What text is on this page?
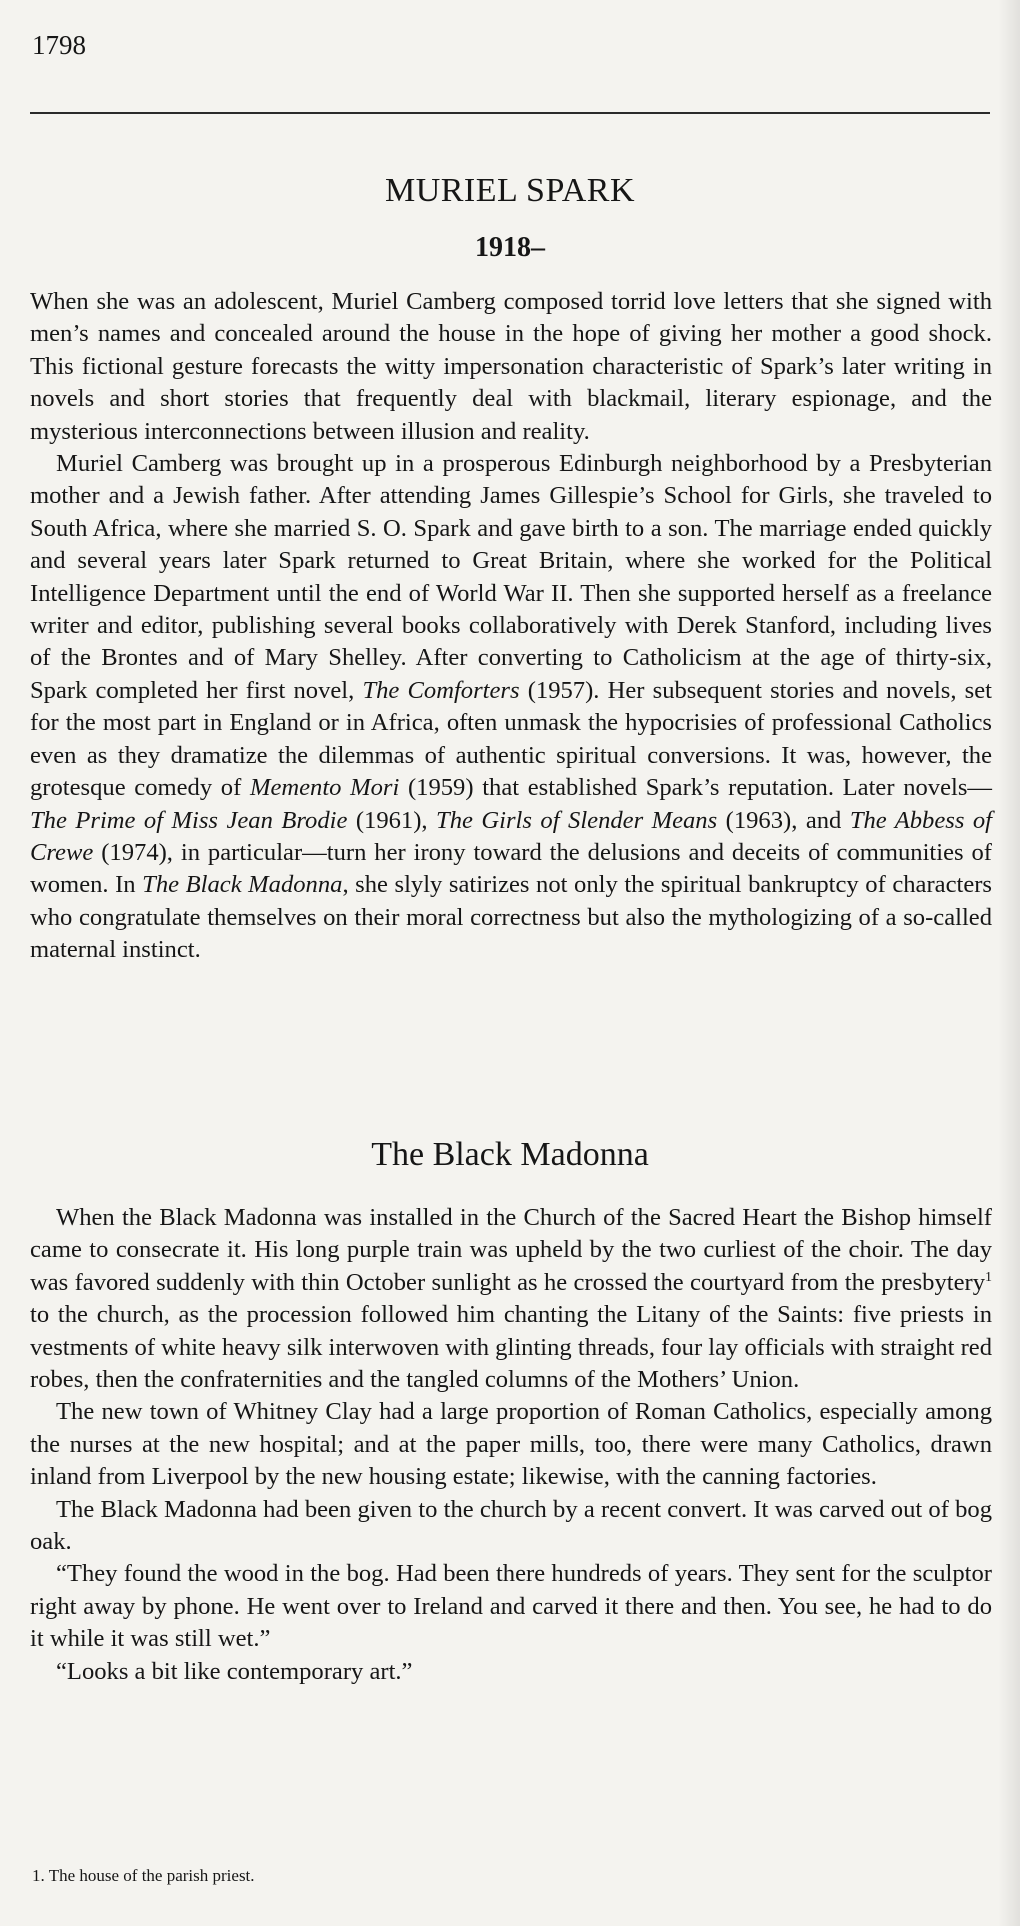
1798
MURIEL SPARK
1918–

When she was an adolescent, Muriel Camberg composed torrid love letters that she signed with men’s names and concealed around the house in the hope of giving her mother a good shock. This fictional gesture forecasts the witty impersonation characteristic of Spark’s later writing in novels and short stories that frequently deal with blackmail, literary espionage, and the mysterious interconnections between illusion and reality.

Muriel Camberg was brought up in a prosperous Edinburgh neighborhood by a Presbyterian mother and a Jewish father. After attending James Gillespie’s School for Girls, she traveled to South Africa, where she married S. O. Spark and gave birth to a son. The marriage ended quickly and several years later Spark returned to Great Britain, where she worked for the Political Intelligence Department until the end of World War II. Then she supported herself as a freelance writer and editor, publishing several books collaboratively with Derek Stanford, including lives of the Brontes and of Mary Shelley. After converting to Catholicism at the age of thirty-six, Spark completed her first novel, The Comforters (1957). Her subsequent stories and novels, set for the most part in England or in Africa, often unmask the hypocrisies of professional Catholics even as they dramatize the dilemmas of authentic spiritual conversions. It was, however, the grotesque comedy of Memento Mori (1959) that established Spark’s reputation. Later novels—The Prime of Miss Jean Brodie (1961), The Girls of Slender Means (1963), and The Abbess of Crewe (1974), in particular—turn her irony toward the delusions and deceits of communities of women. In The Black Madonna, she slyly satirizes not only the spiritual bankruptcy of characters who congratulate themselves on their moral correctness but also the mythologizing of a so-called maternal instinct.

The Black Madonna

When the Black Madonna was installed in the Church of the Sacred Heart the Bishop himself came to consecrate it. His long purple train was upheld by the two curliest of the choir. The day was favored suddenly with thin October sunlight as he crossed the courtyard from the presbytery$^1$ to the church, as the procession followed him chanting the Litany of the Saints: five priests in vestments of white heavy silk interwoven with glinting threads, four lay officials with straight red robes, then the confraternities and the tangled columns of the Mothers’ Union.

The new town of Whitney Clay had a large proportion of Roman Catholics, especially among the nurses at the new hospital; and at the paper mills, too, there were many Catholics, drawn inland from Liverpool by the new housing estate; likewise, with the canning factories.

The Black Madonna had been given to the church by a recent convert. It was carved out of bog oak.

“They found the wood in the bog. Had been there hundreds of years. They sent for the sculptor right away by phone. He went over to Ireland and carved it there and then. You see, he had to do it while it was still wet.”

“Looks a bit like contemporary art.”

1. The house of the parish priest.
